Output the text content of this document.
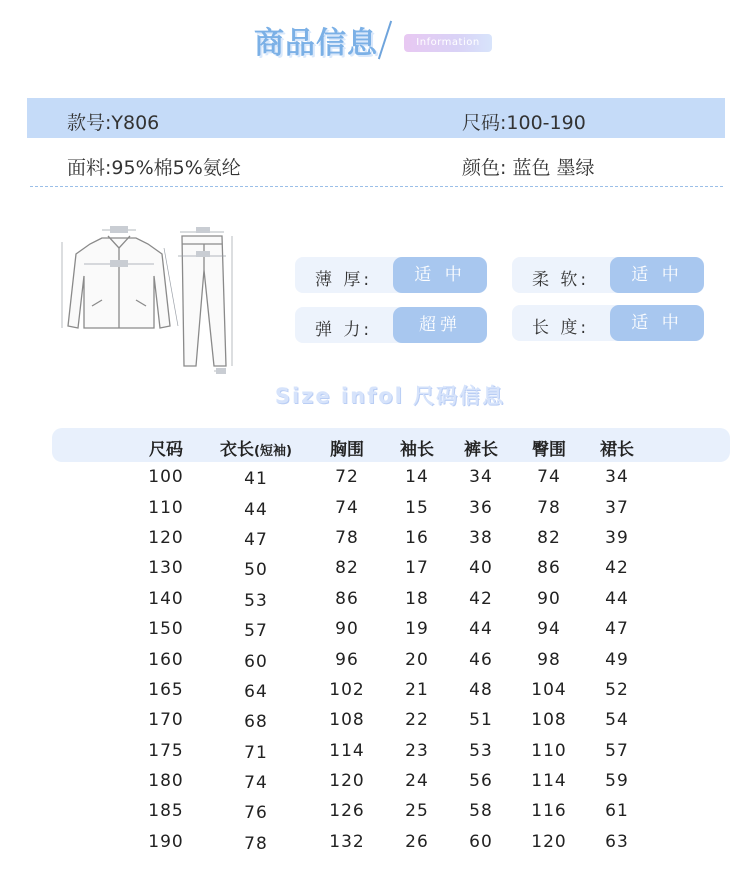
商品信息	Information
款号:Y806	尺码:100-190
面料:95%棉5%氨纶	颜色: 蓝色 墨绿
薄 厚:	适 中	柔 软:	适 中
弹 力:	超弹	长 度:	适 中
Size infol 尺码信息
尺码	衣长(短袖)	胸围	袖长	裤长	臀围	裙长
100	41	72	14	34	74	34
110	44	74	15	36	78	37
120	47	78	16	38	82	39
130	50	82	17	40	86	42
140	53	86	18	42	90	44
150	57	90	19	44	94	47
160	60	96	20	46	98	49
165	64	102	21	48	104	52
170	68	108	22	51	108	54
175	71	114	23	53	110	57
180	74	120	24	56	114	59
185	76	126	25	58	116	61
190	78	132	26	60	120	63
